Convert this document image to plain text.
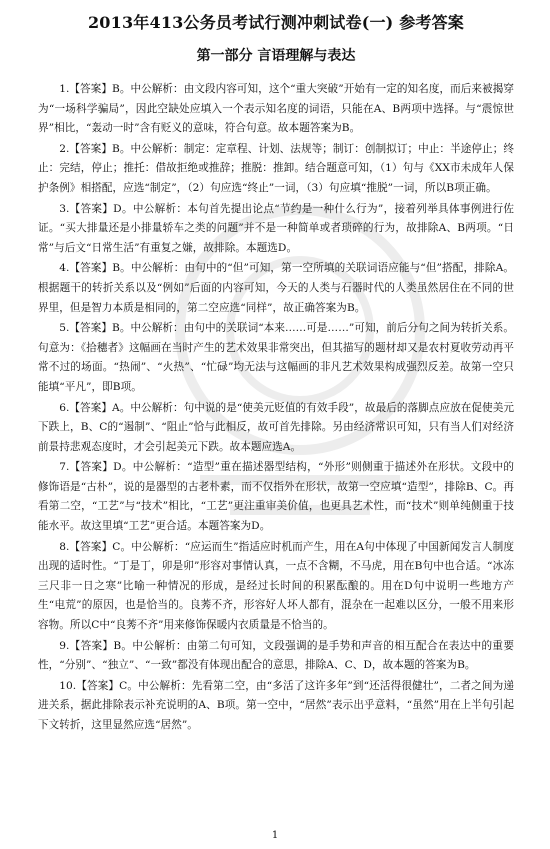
2013年413公务员考试行测冲刺试卷(一) 参考答案
第一部分 言语理解与表达

1.【答案】B。中公解析：由文段内容可知，这个“重大突破”开始有一定的知名度，而后来被揭穿为“一场科学骗局”，因此空缺处应填入一个表示知名度的词语，只能在A、B两项中选择。与“震惊世界”相比，“轰动一时”含有贬义的意味，符合句意。故本题答案为B。

2.【答案】B。中公解析：制定：定章程、计划、法规等；制订：创制拟订；中止：半途停止；终止：完结，停止；推托：借故拒绝或推辞；推脱：推卸。结合题意可知，（1）句与《XX市未成年人保护条例》相搭配，应选“制定”，（2）句应选“终止”一词，（3）句应填“推脱”一词，所以B项正确。

3.【答案】D。中公解析：本句首先提出论点“节约是一种什么行为”，接着列举具体事例进行佐证。“买大排量还是小排量轿车之类的问题”并不是一种简单或者琐碎的行为，故排除A、B两项。“日常”与后文“日常生活”有重复之嫌，故排除。本题选D。

4.【答案】B。中公解析：由句中的“但”可知，第一空所填的关联词语应能与“但”搭配，排除A。根据题干的转折关系以及“例如”后面的内容可知，今天的人类与石器时代的人类虽然居住在不同的世界里，但是智力本质是相同的，第二空应选“同样”，故正确答案为B。

5.【答案】B。中公解析：由句中的关联词“本来……可是……”可知，前后分句之间为转折关系。句意为：《拾穗者》这幅画在当时产生的艺术效果非常突出，但其描写的题材却又是农村夏收劳动再平常不过的场面。“热闹”、“火热”、“忙碌”均无法与这幅画的非凡艺术效果构成强烈反差。故第一空只能填“平凡”，即B项。

6.【答案】A。中公解析：句中说的是“使美元贬值的有效手段”，故最后的落脚点应放在促使美元下跌上，B、C的“遏制”、“阻止”恰与此相反，故可首先排除。另由经济常识可知，只有当人们对经济前景持悲观态度时，才会引起美元下跌。故本题应选A。

7.【答案】D。中公解析：“造型”重在描述器型结构，“外形”则侧重于描述外在形状。文段中的修饰语是“古朴”，说的是器型的古老朴素，而不仅指外在形状，故第一空应填“造型”，排除B、C。再看第二空，“工艺”与“技术”相比，“工艺”更注重审美价值，也更具艺术性，而“技术”则单纯侧重于技能水平。故这里填“工艺”更合适。本题答案为D。

8.【答案】C。中公解析：“应运而生”指适应时机而产生，用在A句中体现了中国新闻发言人制度出现的适时性。“丁是丁，卯是卯”形容对事情认真，一点不含糊，不马虎，用在B句中也合适。“冰冻三尺非一日之寒”比喻一种情况的形成，是经过长时间的积累酝酿的。用在D句中说明一些地方产生“电荒”的原因，也是恰当的。良莠不齐，形容好人坏人都有，混杂在一起难以区分，一般不用来形容物。所以C中“良莠不齐”用来修饰保暖内衣质量是不恰当的。

9.【答案】B。中公解析：由第二句可知，文段强调的是手势和声音的相互配合在表达中的重要性，“分别”、“独立”、“一致”都没有体现出配合的意思，排除A、C、D，故本题的答案为B。

10.【答案】C。中公解析：先看第二空，由“多活了这许多年”到“还活得很健壮”，二者之间为递进关系，据此排除表示补充说明的A、B项。第一空中，“居然”表示出乎意料，“虽然”用在上半句引起下文转折，这里显然应选“居然”。

1
